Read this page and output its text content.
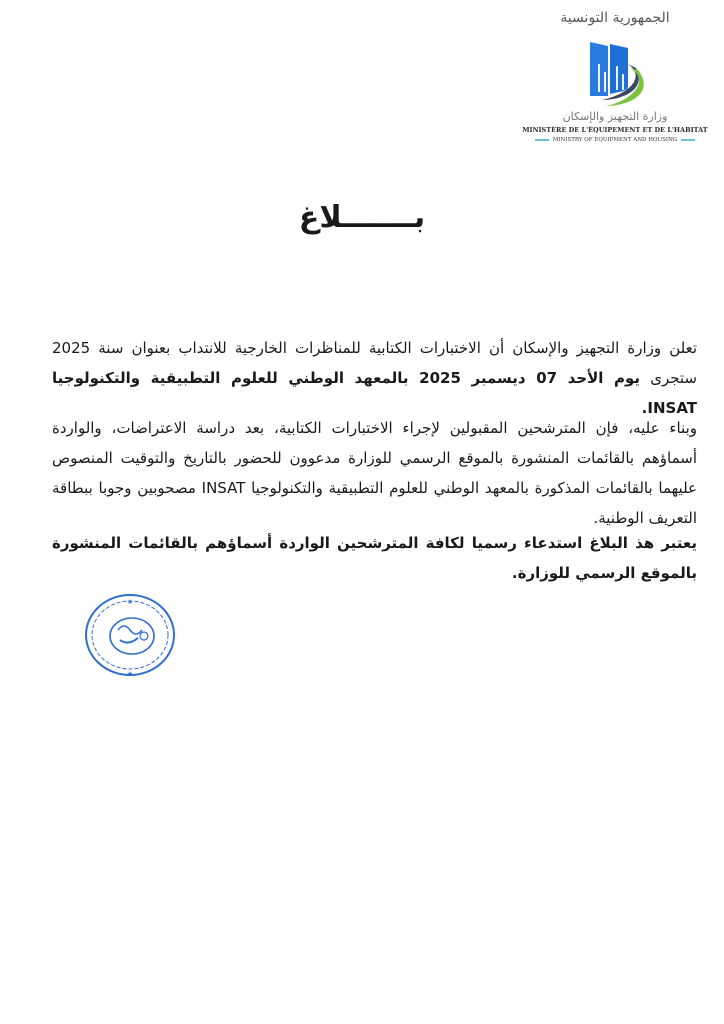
الجمهورية التونسية
وزارة التجهيز والإسكان
MINISTÈRE DE L'ÉQUIPEMENT ET DE L'HABITAT
MINISTRY OF EQUIPMENT AND HOUSING
بـــــــلاغ
تعلن وزارة التجهيز والإسكان أن الاختبارات الكتابية للمناظرات الخارجية للانتداب بعنوان سنة 2025 ستجرى يوم الأحد 07 ديسمبر 2025 بالمعهد الوطني للعلوم التطبيقية والتكنولوجيا INSAT.
وبناء عليه، فإن المترشحين المقبولين لإجراء الاختبارات الكتابية، بعد دراسة الاعتراضات، والواردة أسماؤهم بالقائمات المنشورة بالموقع الرسمي للوزارة مدعوون للحضور بالتاريخ والتوقيت المنصوص عليهما بالقائمات المذكورة بالمعهد الوطني للعلوم التطبيقية والتكنولوجيا INSAT مصحوبين وجوبا ببطاقة التعريف الوطنية.
يعتبر هذ البلاغ استدعاء رسميا لكافة المترشحين الواردة أسماؤهم بالقائمات المنشورة بالموقع الرسمي للوزارة.
★
★
